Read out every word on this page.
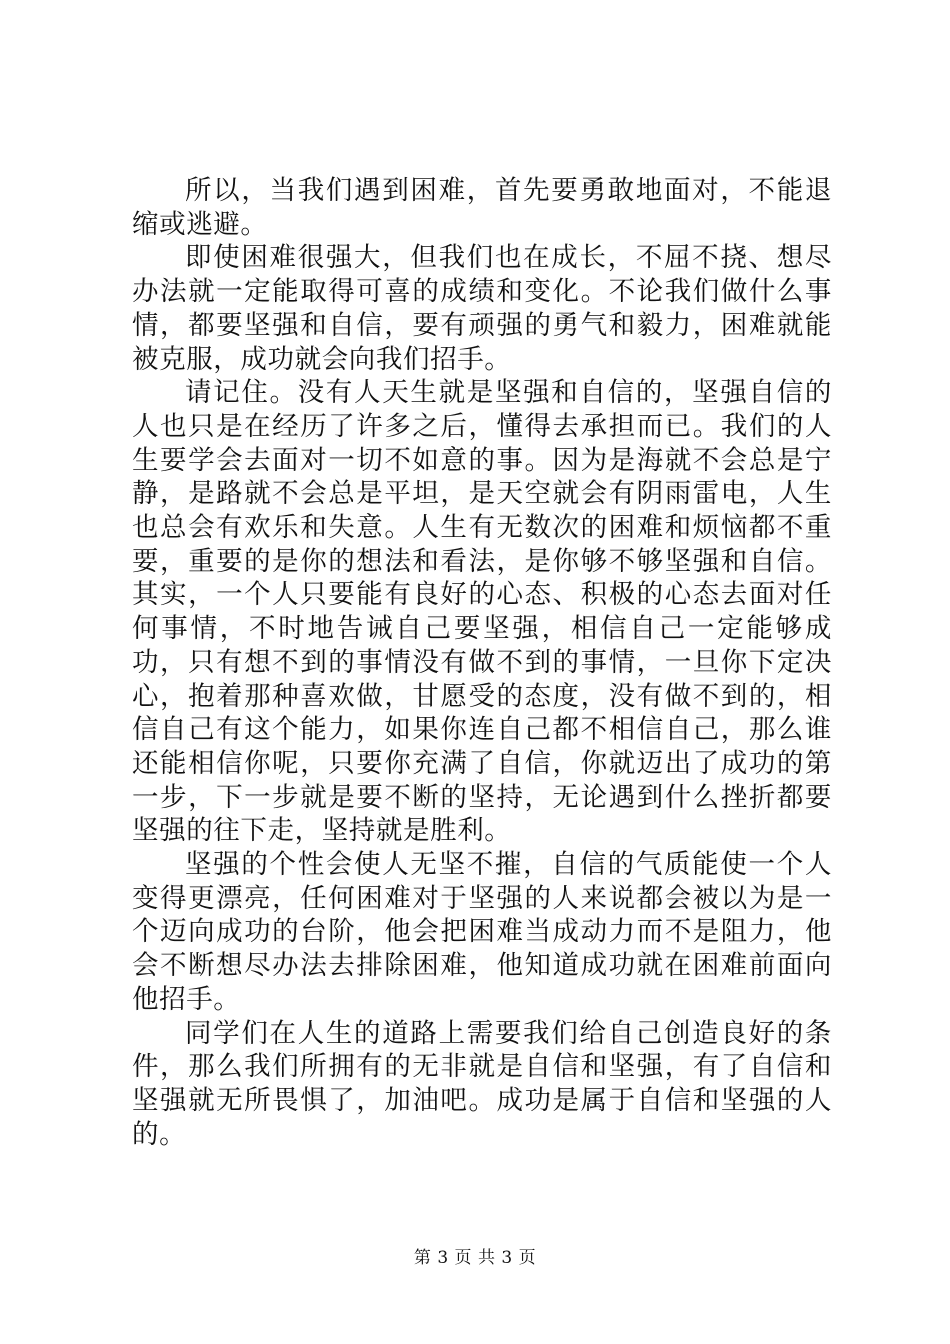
所以，当我们遇到困难，首先要勇敢地面对，不能退缩或逃避。

即使困难很强大，但我们也在成长，不屈不挠、想尽办法就一定能取得可喜的成绩和变化。不论我们做什么事情，都要坚强和自信，要有顽强的勇气和毅力，困难就能被克服，成功就会向我们招手。

请记住。没有人天生就是坚强和自信的，坚强自信的人也只是在经历了许多之后，懂得去承担而已。我们的人生要学会去面对一切不如意的事。因为是海就不会总是宁静，是路就不会总是平坦，是天空就会有阴雨雷电，人生也总会有欢乐和失意。人生有无数次的困难和烦恼都不重要，重要的是你的想法和看法，是你够不够坚强和自信。其实，一个人只要能有良好的心态、积极的心态去面对任何事情，不时地告诫自己要坚强，相信自己一定能够成功，只有想不到的事情没有做不到的事情，一旦你下定决心，抱着那种喜欢做，甘愿受的态度，没有做不到的，相信自己有这个能力，如果你连自己都不相信自己，那么谁还能相信你呢，只要你充满了自信，你就迈出了成功的第一步，下一步就是要不断的坚持，无论遇到什么挫折都要坚强的往下走，坚持就是胜利。

坚强的个性会使人无坚不摧，自信的气质能使一个人变得更漂亮，任何困难对于坚强的人来说都会被以为是一个迈向成功的台阶，他会把困难当成动力而不是阻力，他会不断想尽办法去排除困难，他知道成功就在困难前面向他招手。

同学们在人生的道路上需要我们给自己创造良好的条件，那么我们所拥有的无非就是自信和坚强，有了自信和坚强就无所畏惧了，加油吧。成功是属于自信和坚强的人的。

第 3 页 共 3 页
